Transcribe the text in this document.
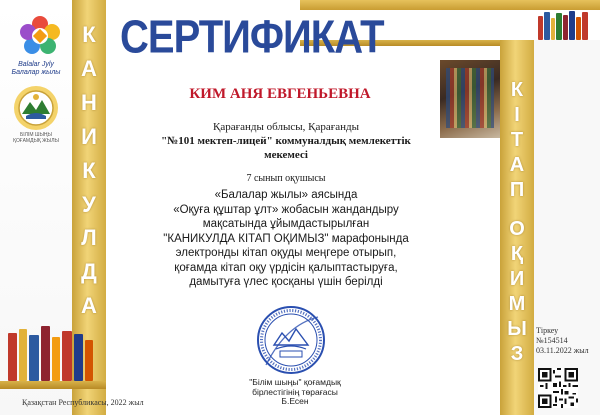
К
А
Н
И
К
У
Л
Д
А
К
І
Т
А
П
О
Қ
И
М
Ы
З
Balalar Jyly
Балалар жылы
БІЛІМ ШЫҢЫ
ҚОҒАМДЫҚ ЖЫЛЫ
СЕРТИФИКАТ
КИМ АНЯ ЕВГЕНЬЕВНА
Қарағанды облысы, Қарағанды
"№101 мектеп-лицей" коммуналдық мемлекеттік
мекемесі
7 сынып оқушысы
«Балалар жылы» аясында
«Оқуға құштар ұлт» жобасын жандандыру
мақсатында ұйымдастырылған
"КАНИКУЛДА КІТАП ОҚИМЫЗ" марафонында
электронды кітап оқуды меңгере отырып,
қоғамда кітап оқу үрдісін қалыптастыруға,
дамытуға үлес қосқаны үшін берілді
"Білім шыңы" қоғамдық
бірлестігінің төрағасы
Б.Есен
Қазақстан Республикасы, 2022 жыл
Тіркеу
№154514
03.11.2022 жыл
